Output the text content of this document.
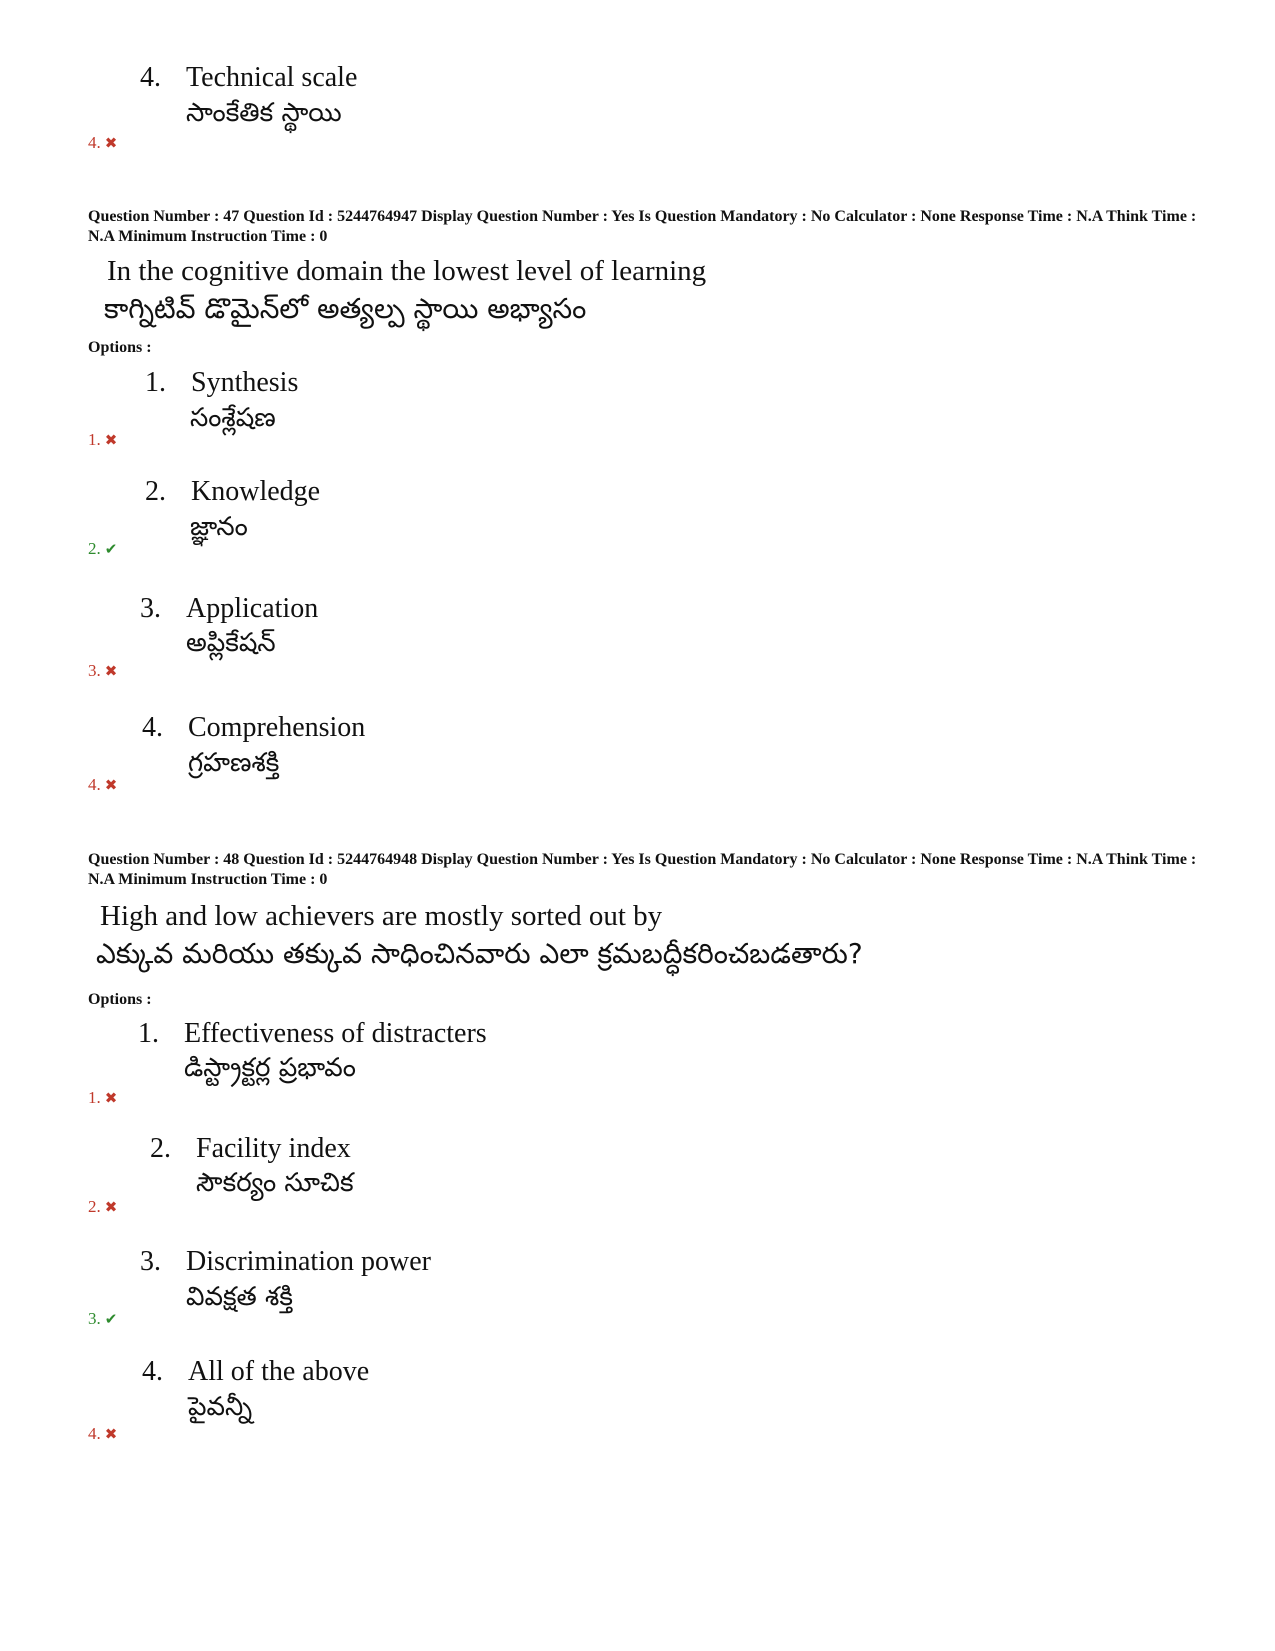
4. Technical scale
సాంకేతిక స్థాయి
4. ✖
Question Number : 47 Question Id : 5244764947 Display Question Number : Yes Is Question Mandatory : No Calculator : None Response Time : N.A Think Time : N.A Minimum Instruction Time : 0
In the cognitive domain the lowest level of learning
కాగ్నిటివ్ డొమైన్‌లో అత్యల్ప స్థాయి అభ్యాసం
Options :
1. Synthesis
సంశ్లేషణ
1. ✖
2. Knowledge
జ్ఞానం
2. ✔
3. Application
అప్లికేషన్
3. ✖
4. Comprehension
గ్రహణశక్తి
4. ✖
Question Number : 48 Question Id : 5244764948 Display Question Number : Yes Is Question Mandatory : No Calculator : None Response Time : N.A Think Time : N.A Minimum Instruction Time : 0
High and low achievers are mostly sorted out by
ఎక్కువ మరియు తక్కువ సాధించినవారు ఎలా క్రమబద్ధీకరించబడతారు?
Options :
1. Effectiveness of distracters
డిస్ట్రాక్టర్ల ప్రభావం
1. ✖
2. Facility index
సౌకర్యం సూచిక
2. ✖
3. Discrimination power
వివక్షత శక్తి
3. ✔
4. All of the above
పైవన్నీ
4. ✖
